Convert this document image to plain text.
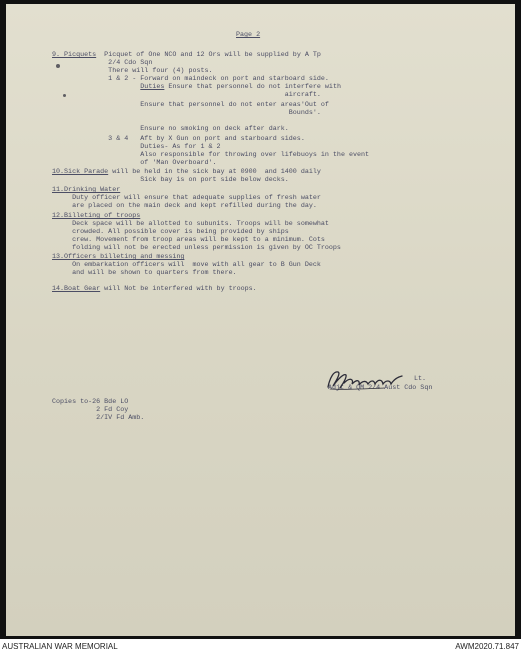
Page 2

9. Picquets  Picquet of One NCO and 12 Ors will be supplied by A Tp

2/4 Cdo Sqn

There will four (4) posts.

1 & 2 - Forward on maindeck on port and starboard side.

Duties Ensure that personnel do not interfere with

aircraft.

Ensure that personnel do not enter areas'Out of

Bounds'.

Ensure no smoking on deck after dark.

3 & 4   Aft by X Gun on port and starboard sides.

Duties- As for 1 & 2

Also responsible for throwing over lifebuoys in the event

of 'Man Overboard'.

10.Sick Parade will be held in the sick bay at 0900  and 1400 daily

Sick bay is on port side below decks.

11.Drinking Water

Duty officer will ensure that adequate supplies of fresh water

are placed on the main deck and kept refilled during the day.

12.Billeting of troops

Deck space will be allotted to subunits. Troops will be somewhat

crowded. All possible cover is being provided by ships

crew. Movement from troop areas will be kept to a minimum. Cots

folding will not be erected unless permission is given by OC Troops

13.Officers billeting and messing

On embarkation officers will  move with all gear to B Gun Deck

and will be shown to quarters from there.

14.Boat Gear will Not be interfered with by troops.

Lt.

Adjt & QM 2/4 Aust Cdo Sqn

Copies to-26 Bde LO

2 Fd Coy

2/IV Fd Amb.

AUSTRALIAN WAR MEMORIAL	AWM2020.71.847
